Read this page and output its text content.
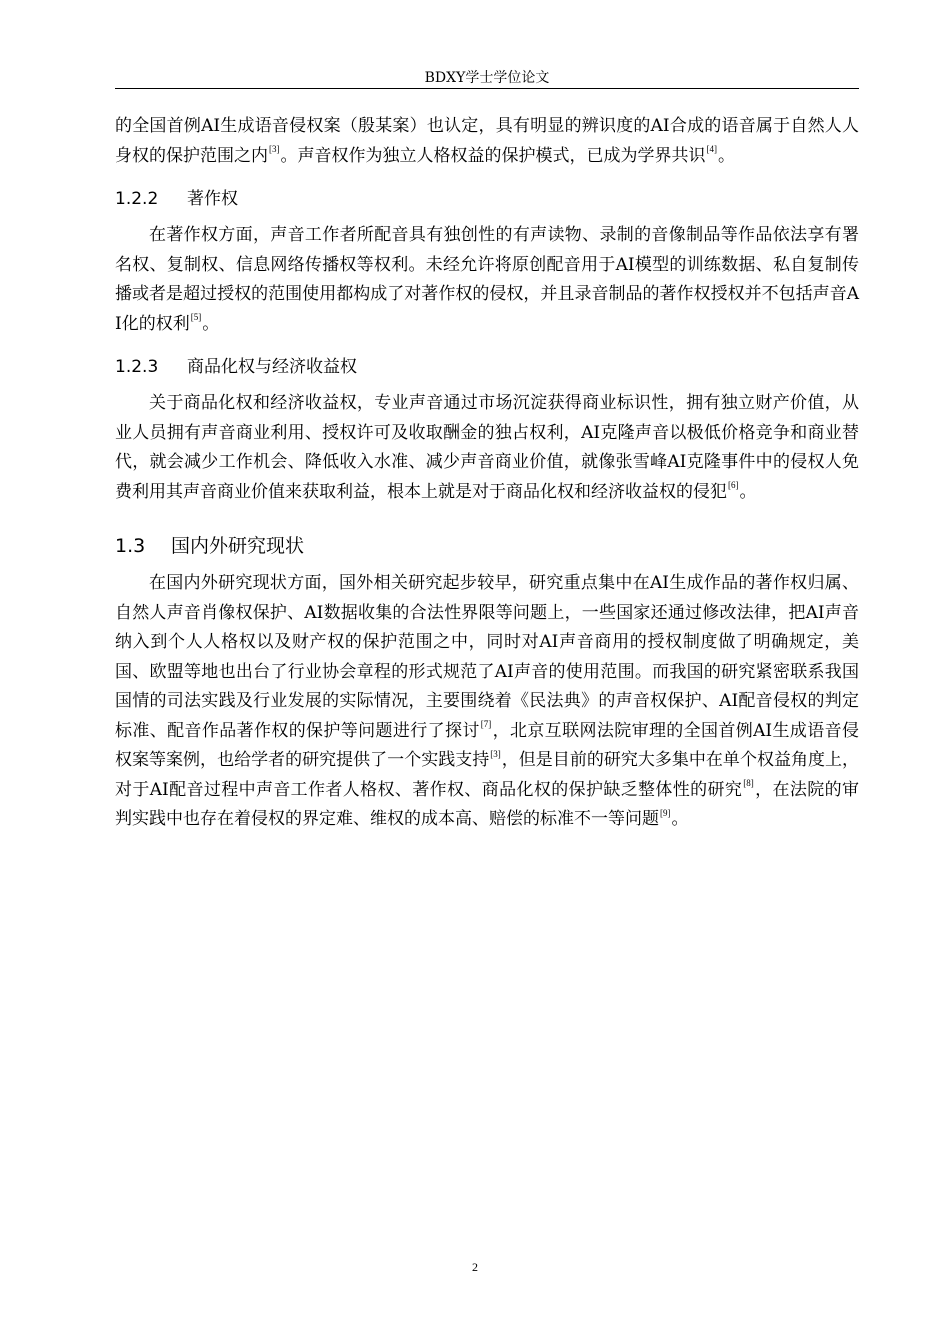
BDXY学士学位论文

的全国首例AI生成语音侵权案（殷某案）也认定，具有明显的辨识度的AI合成的语音属于自然人人身权的保护范围之内[3]。声音权作为独立人格权益的保护模式，已成为学界共识[4]。

1.2.2 著作权

在著作权方面，声音工作者所配音具有独创性的有声读物、录制的音像制品等作品依法享有署名权、复制权、信息网络传播权等权利。未经允许将原创配音用于AI模型的训练数据、私自复制传播或者是超过授权的范围使用都构成了对著作权的侵权，并且录音制品的著作权授权并不包括声音AI化的权利[5]。

1.2.3 商品化权与经济收益权

关于商品化权和经济收益权，专业声音通过市场沉淀获得商业标识性，拥有独立财产价值，从业人员拥有声音商业利用、授权许可及收取酬金的独占权利，AI克隆声音以极低价格竞争和商业替代，就会减少工作机会、降低收入水准、减少声音商业价值，就像张雪峰AI克隆事件中的侵权人免费利用其声音商业价值来获取利益，根本上就是对于商品化权和经济收益权的侵犯[6]。

1.3 国内外研究现状

在国内外研究现状方面，国外相关研究起步较早，研究重点集中在AI生成作品的著作权归属、自然人声音肖像权保护、AI数据收集的合法性界限等问题上，一些国家还通过修改法律，把AI声音纳入到个人人格权以及财产权的保护范围之中，同时对AI声音商用的授权制度做了明确规定，美国、欧盟等地也出台了行业协会章程的形式规范了AI声音的使用范围。而我国的研究紧密联系我国国情的司法实践及行业发展的实际情况，主要围绕着《民法典》的声音权保护、AI配音侵权的判定标准、配音作品著作权的保护等问题进行了探讨[7]，北京互联网法院审理的全国首例AI生成语音侵权案等案例，也给学者的研究提供了一个实践支持[3]，但是目前的研究大多集中在单个权益角度上，对于AI配音过程中声音工作者人格权、著作权、商品化权的保护缺乏整体性的研究[8]，在法院的审判实践中也存在着侵权的界定难、维权的成本高、赔偿的标准不一等问题[9]。

2
